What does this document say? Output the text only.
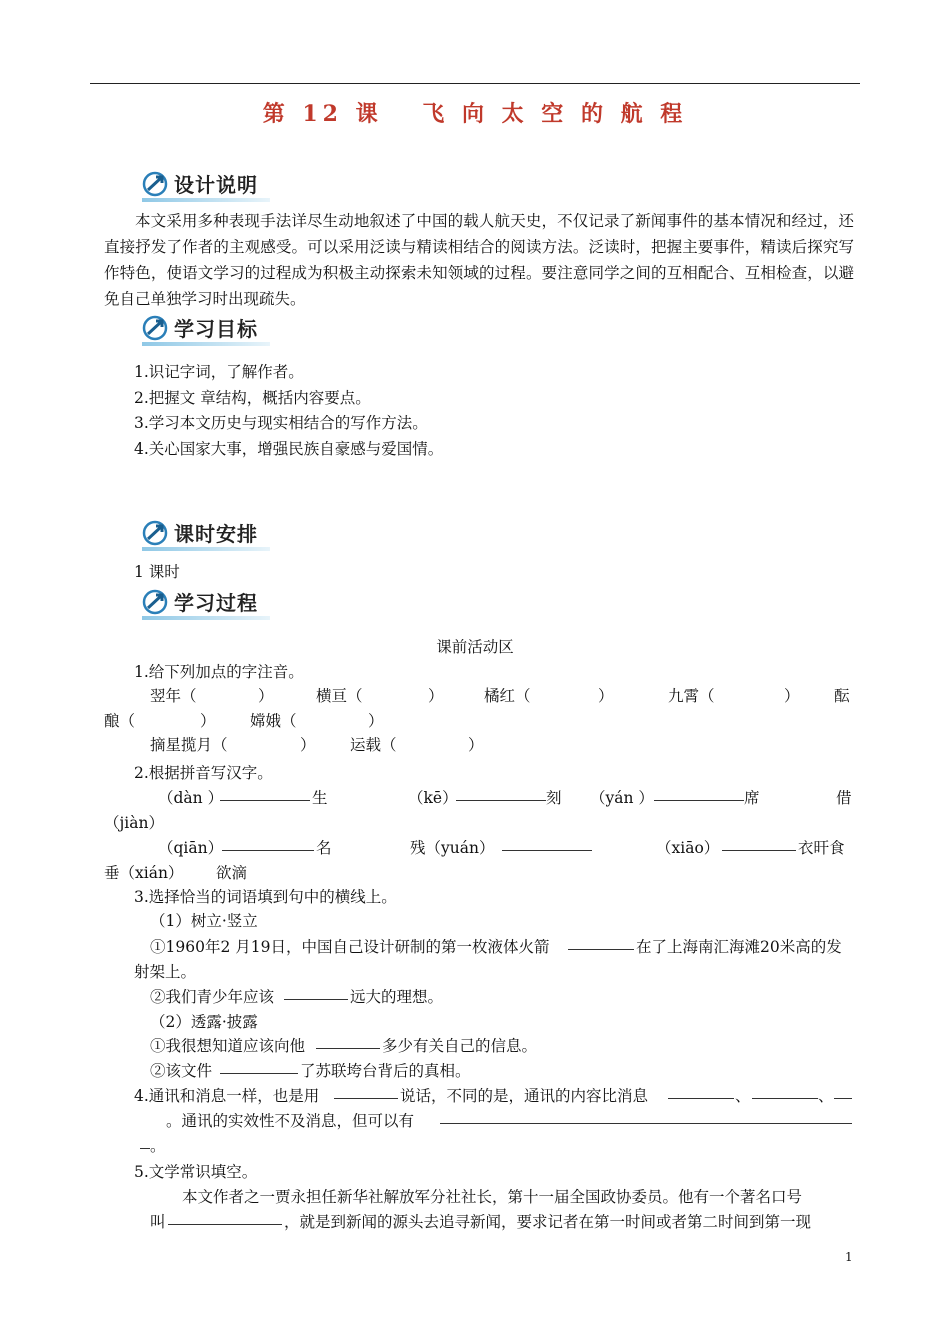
第 12 课　 飞 向 太 空 的 航 程
设计说明
本文采用多种表现手法详尽生动地叙述了中国的载人航天史，不仅记录了新闻事件的基本情况和经过，还直接抒发了作者的主观感受。可以采用泛读与精读相结合的阅读方法。泛读时，把握主要事件，精读后探究写作特色，使语文学习的过程成为积极主动探索未知领域的过程。要注意同学之间的互相配合、互相检查，以避免自己单独学习时出现疏失。
学习目标
1.识记字词，了解作者。
2.把握文 章结构，概括内容要点。
3.学习本文历史与现实相结合的写作方法。
4.关心国家大事，增强民族自豪感与爱国情。
课时安排
1 课时
学习过程
课前活动区
1.给下列加点的字注音。
翌年（	）	横亘（	）	橘红（	）	九霄（	） 酝
酿（	） 嫦娥（	）
摘星揽月（	） 运载（	）
2.根据拼音写汉字。
（dàn ）	生	（kē）	刻 （yán ）	席	借
（jiàn）
（qiān）	名	残（yuán）	（xiāo）	衣旰食
垂（xián） 欲滴
3.选择恰当的词语填到句中的横线上。
（1）树立·竖立
①1960年2 月19日，中国自己设计研制的第一枚液体火箭	在了上海南汇海滩20米高的发
射架上。
②我们青少年应该	远大的理想。
（2）透露·披露
①我很想知道应该向他	多少有关自己的信息。
②该文件	了苏联垮台背后的真相。
4.通讯和消息一样，也是用	说话，不同的是，通讯的内容比消息	、	、
。通讯的实效性不及消息，但可以有
。
5.文学常识填空。
本文作者之一贾永担任新华社解放军分社社长，第十一届全国政协委员。他有一个著名口号
叫	，就是到新闻的源头去追寻新闻，要求记者在第一时间或者第二时间到第一现
1
